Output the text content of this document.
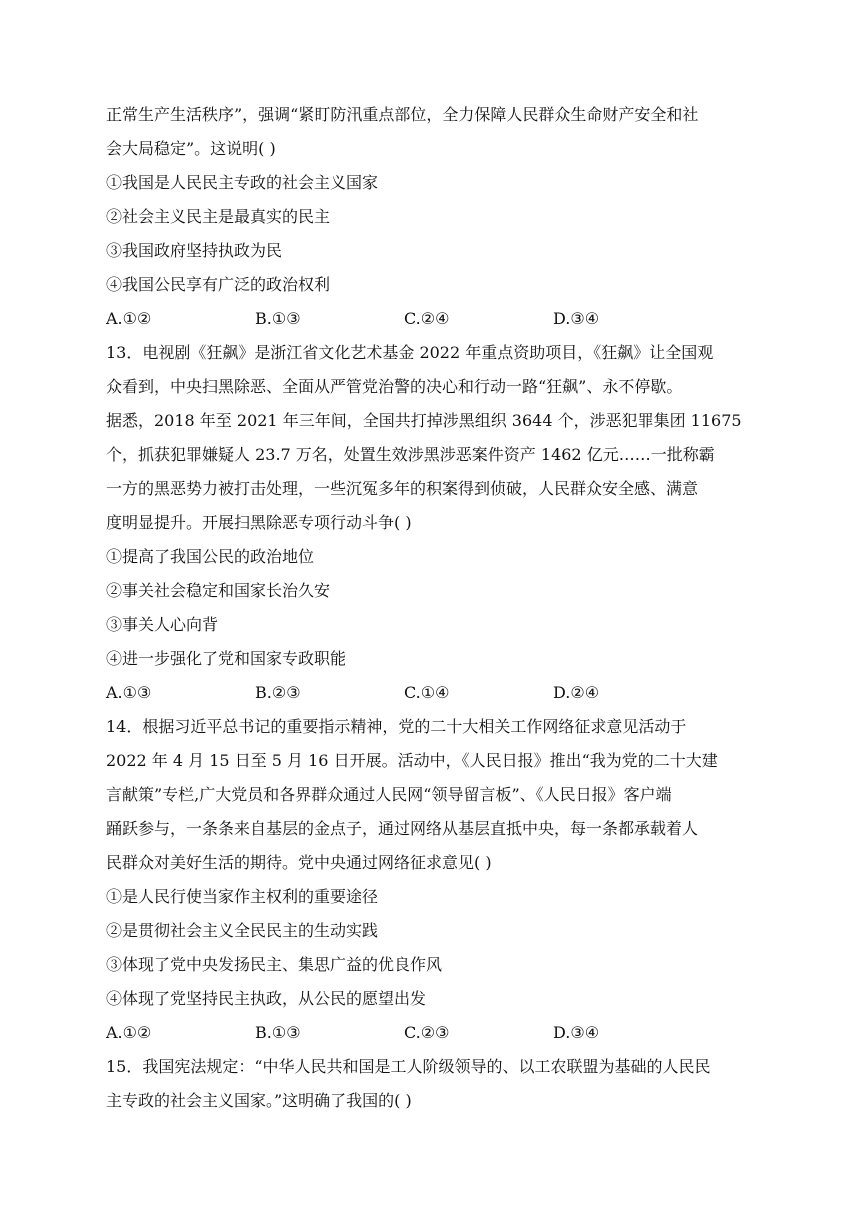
正常生产生活秩序”，强调“紧盯防汛重点部位，全力保障人民群众生命财产安全和社
会大局稳定”。这说明( )
①我国是人民民主专政的社会主义国家
②社会主义民主是最真实的民主
③我国政府坚持执政为民
④我国公民享有广泛的政治权利
A.①②	B.①③	C.②④	D.③④
13．电视剧《狂飙》是浙江省文化艺术基金 2022 年重点资助项目，《狂飙》让全国观
众看到，中央扫黑除恶、全面从严管党治警的决心和行动一路“狂飙”、永不停歇。
据悉，2018 年至 2021 年三年间，全国共打掉涉黑组织 3644 个，涉恶犯罪集团 11675
个，抓获犯罪嫌疑人 23.7 万名，处置生效涉黑涉恶案件资产 1462 亿元……一批称霸
一方的黑恶势力被打击处理，一些沉冤多年的积案得到侦破，人民群众安全感、满意
度明显提升。开展扫黑除恶专项行动斗争( )
①提高了我国公民的政治地位
②事关社会稳定和国家长治久安
③事关人心向背
④进一步强化了党和国家专政职能
A.①③	B.②③	C.①④	D.②④
14．根据习近平总书记的重要指示精神，党的二十大相关工作网络征求意见活动于
2022 年 4 月 15 日至 5 月 16 日开展。活动中，《人民日报》推出“我为党的二十大建
言献策”专栏,广大党员和各界群众通过人民网“领导留言板”、《人民日报》客户端
踊跃参与，一条条来自基层的金点子，通过网络从基层直抵中央，每一条都承载着人
民群众对美好生活的期待。党中央通过网络征求意见( )
①是人民行使当家作主权利的重要途径
②是贯彻社会主义全民民主的生动实践
③体现了党中央发扬民主、集思广益的优良作风
④体现了党坚持民主执政，从公民的愿望出发
A.①②	B.①③	C.②③	D.③④
15．我国宪法规定：“中华人民共和国是工人阶级领导的、以工农联盟为基础的人民民
主专政的社会主义国家。”这明确了我国的( )
